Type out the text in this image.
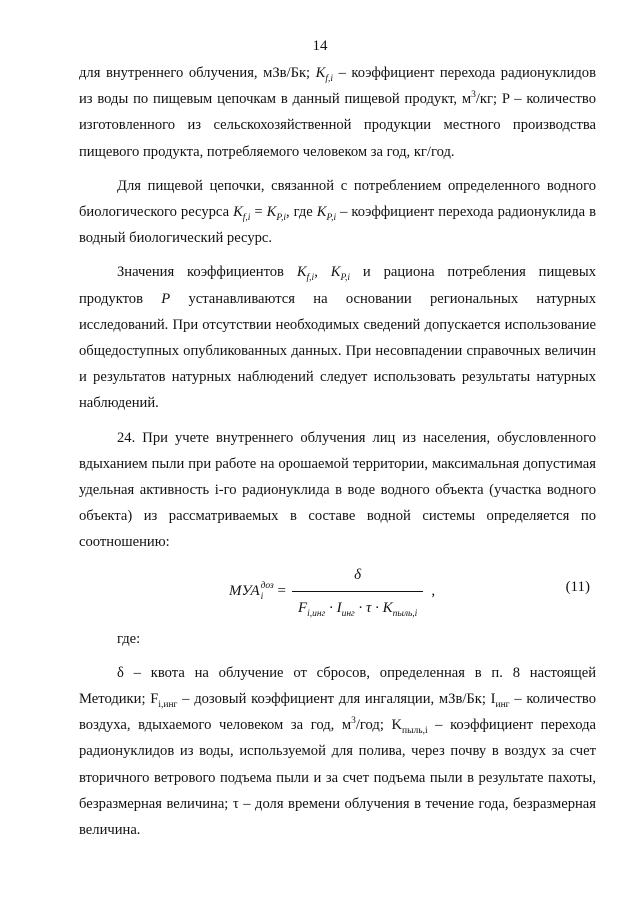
14

для внутреннего облучения, мЗв/Бк; $K_{f,i}$ – коэффициент перехода радионуклидов из воды по пищевым цепочкам в данный пищевой продукт, $м^3/кг$; P – количество изготовленного из сельскохозяйственной продукции местного производства пищевого продукта, потребляемого человеком за год, кг/год.

Для пищевой цепочки, связанной с потреблением определенного водного биологического ресурса $K_{f,i} = K_{P,i}$, где $K_{P,i}$ – коэффициент перехода радионуклида в водный биологический ресурс.

Значения коэффициентов $K_{f,i}$, $K_{P,i}$ и рациона потребления пищевых продуктов P устанавливаются на основании региональных натурных исследований. При отсутствии необходимых сведений допускается использование общедоступных опубликованных данных. При несовпадении справочных величин и результатов натурных наблюдений следует использовать результаты натурных наблюдений.

24. При учете внутреннего облучения лиц из населения, обусловленного вдыханием пыли при работе на орошаемой территории, максимальная допустимая удельная активность i-го радионуклида в воде водного объекта (участка водного объекта) из рассматриваемых в составе водной системы определяется по соотношению:

МУА доз
$i = \frac{\delta}{F_{i,инг} \cdot I_{инг} \cdot \tau \cdot K_{пыль,i}}$ ,	(11)

где:

δ – квота на облучение от сбросов, определенная в п. 8 настоящей Методики; $F_{i,инг}$ – дозовый коэффициент для ингаляции, мЗв/Бк; $I_{инг}$ – количество воздуха, вдыхаемого человеком за год, $м^3$/год; $K_{пыль,i}$ – коэффициент перехода радионуклидов из воды, используемой для полива, через почву в воздух за счет вторичного ветрового подъема пыли и за счет подъема пыли в результате пахоты, безразмерная величина; τ – доля времени облучения в течение года, безразмерная величина.
